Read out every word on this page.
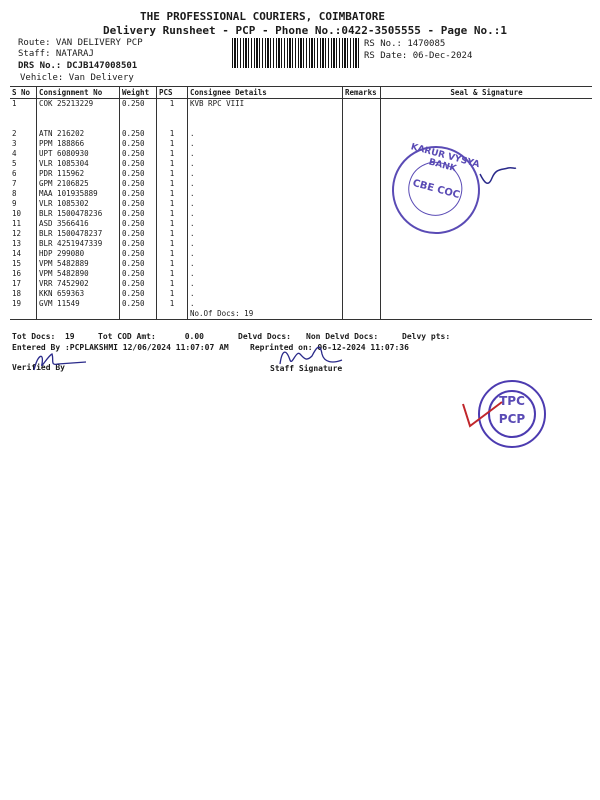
THE PROFESSIONAL COURIERS, COIMBATORE
Delivery Runsheet - PCP - Phone No.:0422-3505555 - Page No.:1
Route: VAN DELIVERY PCP
Staff: NATARAJ
DRS No.: DCJB147008501
Vehicle: Van Delivery
RS No.: 1470085
RS Date: 06-Dec-2024
S No	Consignment No	Weight	PCS	Consignee Details	Remarks	Seal & Signature
1	COK 25213229	0.250	1	KVB RPC VIII		

2	ATN 216202	0.250	1	.		
3	PPM 188866	0.250	1	.		
4	UPT 6080930	0.250	1	.		
5	VLR 1085304	0.250	1	.		
6	PDR 115962	0.250	1	.		
7	GPM 2106825	0.250	1	.		
8	MAA 101935889	0.250	1	.		
9	VLR 1085302	0.250	1	.		
10	BLR 1500478236	0.250	1	.		
11	ASD 3566416	0.250	1	.		
12	BLR 1500478237	0.250	1	.		
13	BLR 4251947339	0.250	1	.		
14	HDP 299080	0.250	1	.		
15	VPM 5482889	0.250	1	.		
16	VPM 5482890	0.250	1	.		
17	VRR 7452902	0.250	1	.		
18	KKN 659363	0.250	1	.		
19	GVM 11549	0.250	1	.		
				No.Of Docs: 19		
KARUR VYSYA BANK
CBE COC
Tot Docs:  19	Tot COD Amt:      0.00	Delvd Docs: Non Delvd Docs:	Delvy pts:
Entered By :PCPLAKSHMI 12/06/2024 11:07:07 AM	Reprinted on: 06-12-2024 11:07:36
Verified By	Staff Signature
TPC
PCP
